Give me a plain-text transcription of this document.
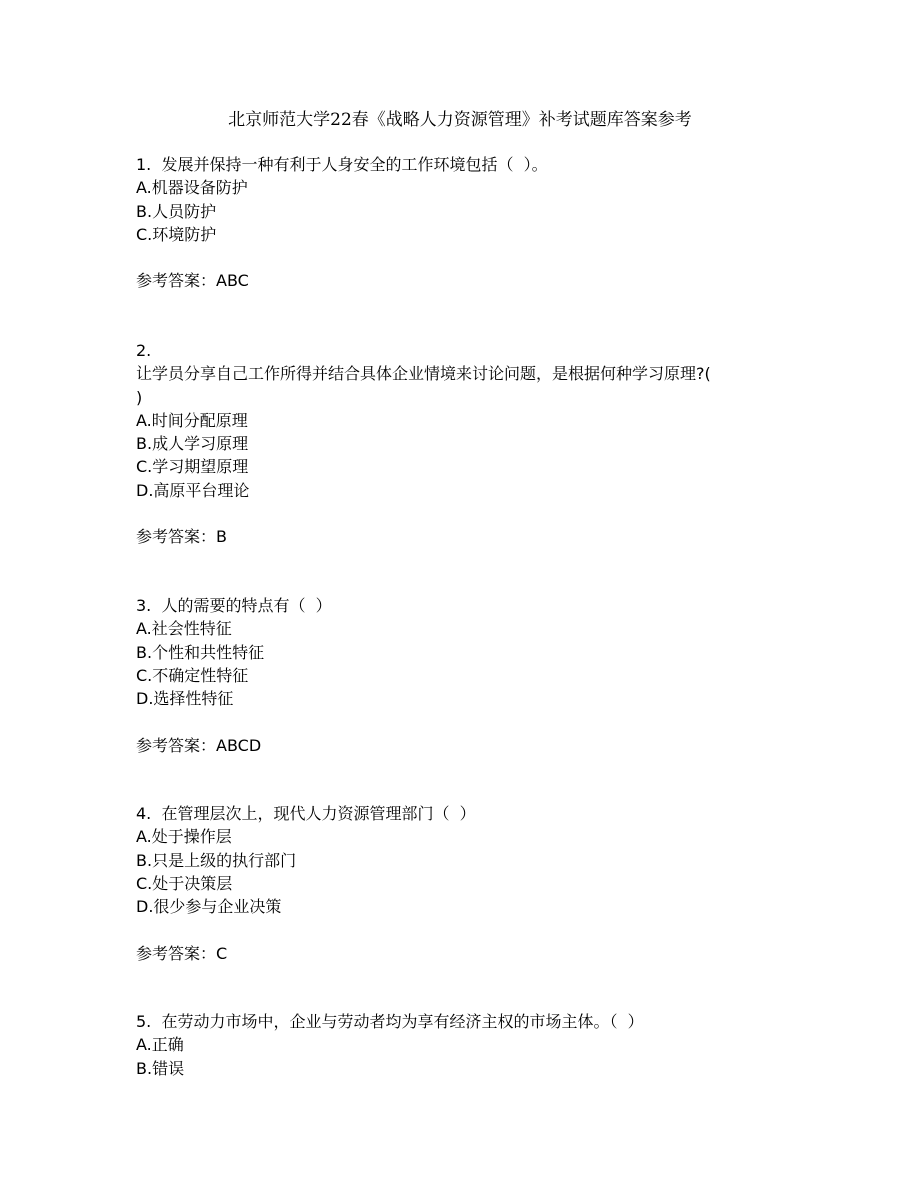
北京师范大学22春《战略人力资源管理》补考试题库答案参考
1.  发展并保持一种有利于人身安全的工作环境包括（  ）。
A.机器设备防护
B.人员防护
C.环境防护
参考答案：ABC
2.
让学员分享自己工作所得并结合具体企业情境来讨论问题，是根据何种学习原理?(
)
A.时间分配原理
B.成人学习原理
C.学习期望原理
D.高原平台理论
参考答案：B
3.  人的需要的特点有（  ）
A.社会性特征
B.个性和共性特征
C.不确定性特征
D.选择性特征
参考答案：ABCD
4.  在管理层次上，现代人力资源管理部门（  ）
A.处于操作层
B.只是上级的执行部门
C.处于决策层
D.很少参与企业决策
参考答案：C
5.  在劳动力市场中，企业与劳动者均为享有经济主权的市场主体。（  ）
A.正确
B.错误
